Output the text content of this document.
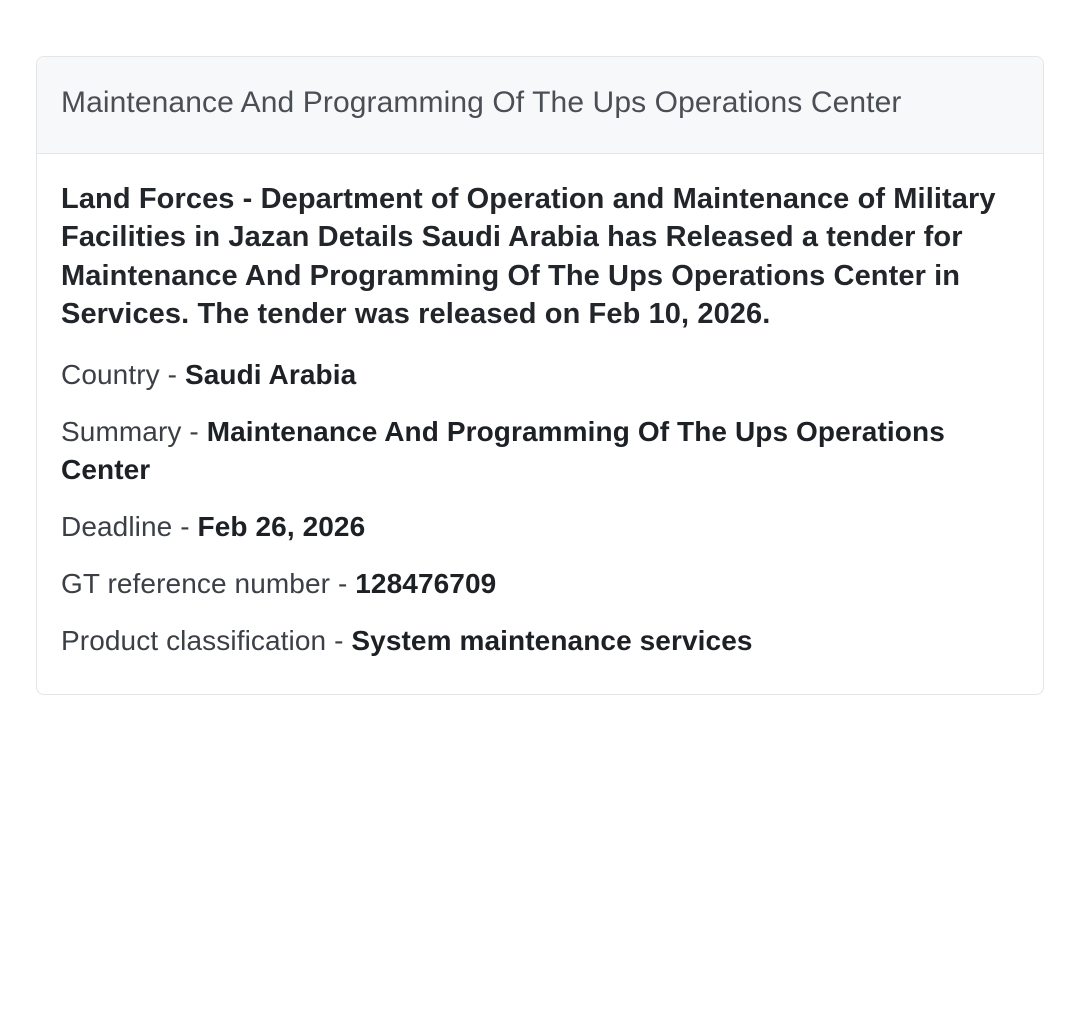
Maintenance And Programming Of The Ups Operations Center

Land Forces - Department of Operation and Maintenance of Military Facilities in Jazan Details Saudi Arabia has Released a tender for Maintenance And Programming Of The Ups Operations Center in Services. The tender was released on Feb 10, 2026.

Country - Saudi Arabia
Summary - Maintenance And Programming Of The Ups Operations Center
Deadline - Feb 26, 2026
GT reference number - 128476709
Product classification - System maintenance services
